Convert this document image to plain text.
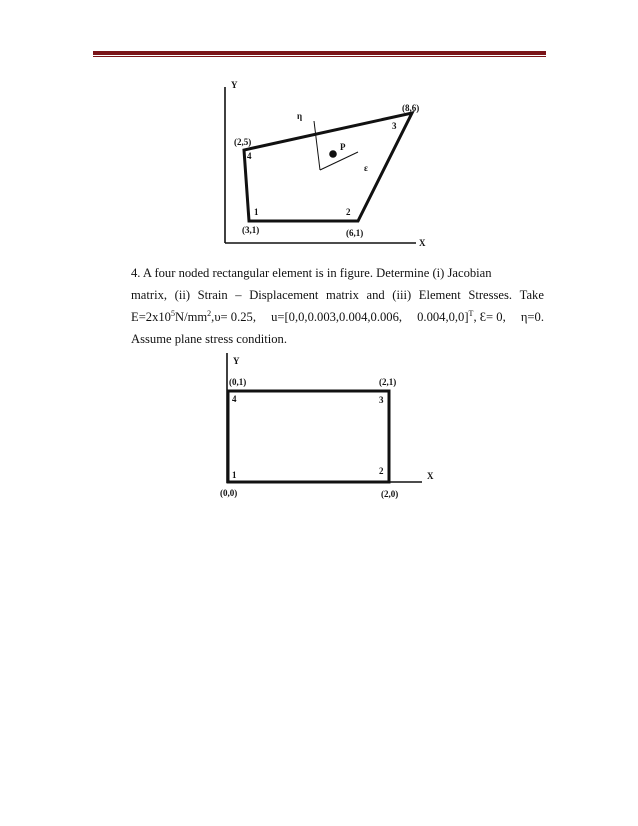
Y
X
η
ε
P
1	2
3
4
(3,1)	(6,1)
(8,6)
(2,5)
4. A four noded rectangular element is in figure. Determine (i) Jacobian
matrix, (ii) Strain – Displacement matrix and (iii) Element Stresses. Take
$E=2x10^5N/mm^2,\upsilon= 0.25$, u=[0,0,0.003,0.004,0.006, 0.004,0,0]$^T$, Ɛ= 0, η=0.
Assume plane stress condition.
Y
X
1	2
3
4
(0,0)	(2,0)
(2,1)
(0,1)
